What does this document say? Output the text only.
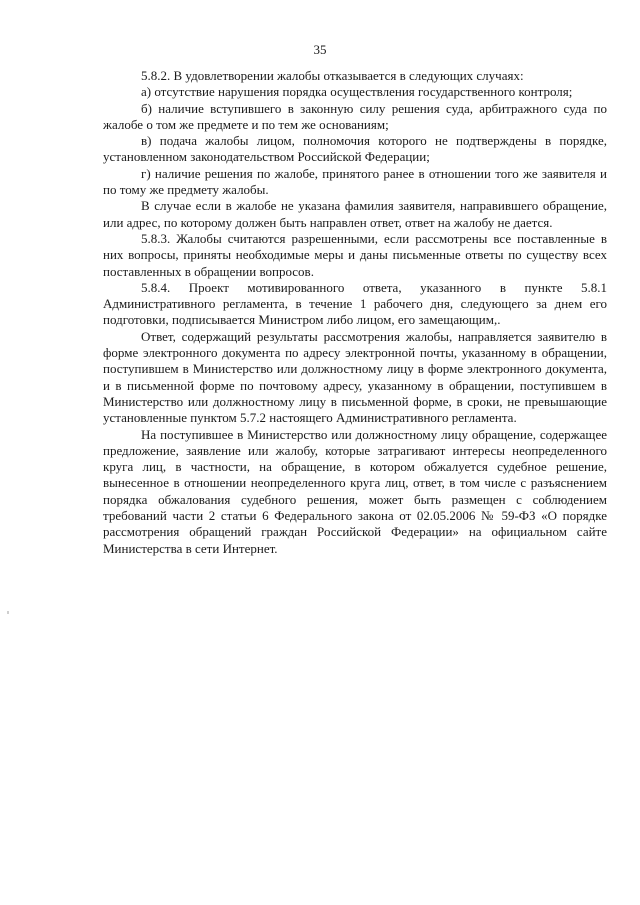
35

5.8.2. В удовлетворении жалобы отказывается в следующих случаях:

а) отсутствие нарушения порядка осуществления государственного контроля;

б) наличие вступившего в законную силу решения суда, арбитражного суда по жалобе о том же предмете и по тем же основаниям;

в) подача жалобы лицом, полномочия которого не подтверждены в порядке, установленном законодательством Российской Федерации;

г) наличие решения по жалобе, принятого ранее в отношении того же заявителя и по тому же предмету жалобы.

В случае если в жалобе не указана фамилия заявителя, направившего обращение, или адрес, по которому должен быть направлен ответ, ответ на жалобу не дается.

5.8.3. Жалобы считаются разрешенными, если рассмотрены все поставленные в них вопросы, приняты необходимые меры и даны письменные ответы по существу всех поставленных в обращении вопросов.

5.8.4. Проект мотивированного ответа, указанного в пункте 5.8.1 Административного регламента, в течение 1 рабочего дня, следующего за днем его подготовки, подписывается Министром либо лицом, его замещающим,.

Ответ, содержащий результаты рассмотрения жалобы, направляется заявителю в форме электронного документа по адресу электронной почты, указанному в обращении, поступившем в Министерство или должностному лицу в форме электронного документа, и в письменной форме по почтовому адресу, указанному в обращении, поступившем в Министерство или должностному лицу в письменной форме, в сроки, не превышающие установленные пунктом 5.7.2 настоящего Административного регламента.

На поступившее в Министерство или должностному лицу обращение, содержащее предложение, заявление или жалобу, которые затрагивают интересы неопределенного круга лиц, в частности, на обращение, в котором обжалуется судебное решение, вынесенное в отношении неопределенного круга лиц, ответ, в том числе с разъяснением порядка обжалования судебного решения, может быть размещен с соблюдением требований части 2 статьи 6 Федерального закона от 02.05.2006 № 59-ФЗ «О порядке рассмотрения обращений граждан Российской Федерации» на официальном сайте Министерства в сети Интернет.
